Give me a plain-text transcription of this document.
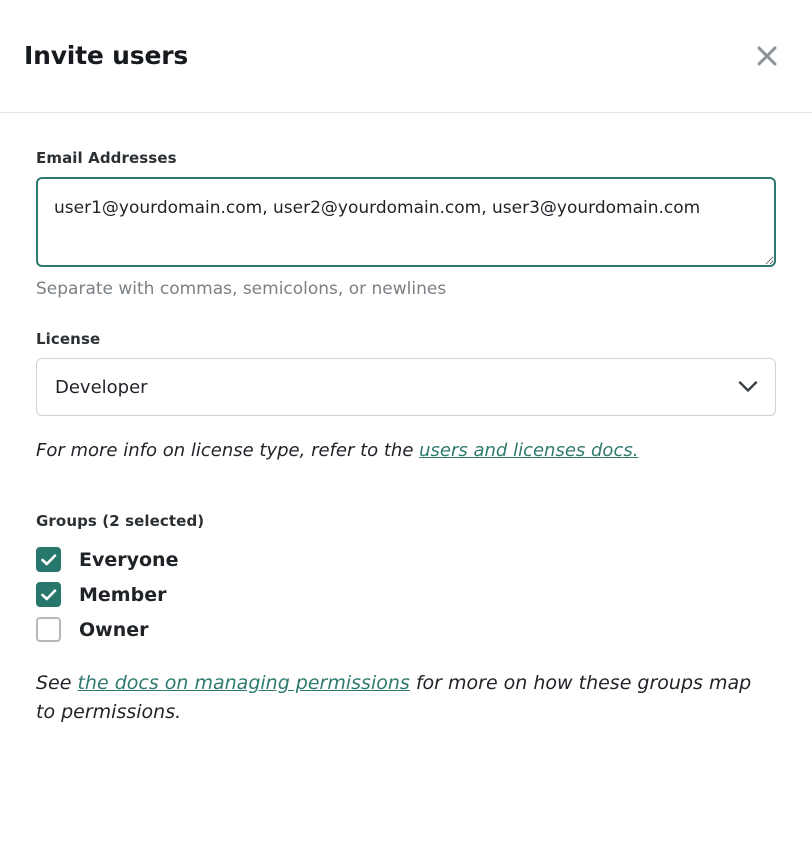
Invite users
Email Addresses
user1@yourdomain.com, user2@yourdomain.com, user3@yourdomain.com
Separate with commas, semicolons, or newlines
License
Developer
For more info on license type, refer to the users and licenses docs.
Groups (2 selected)
Everyone
Member
Owner
See the docs on managing permissions for more on how these groups map to permissions.
